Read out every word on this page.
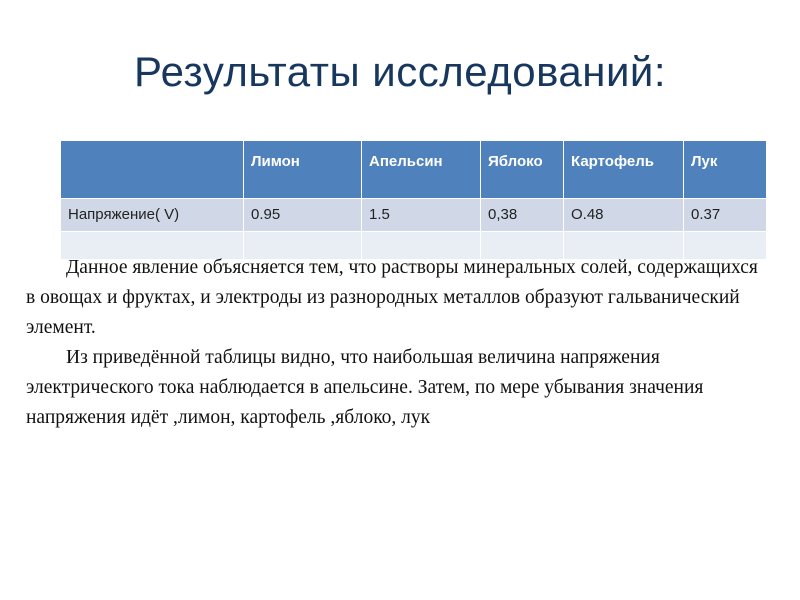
Результаты исследований:
	Лимон	Апельсин	Яблоко	Картофель	Лук
Напряжение( V)	0.95	1.5	0,38	О.48	0.37

Данное явление объясняется тем, что растворы минеральных солей, содержащихся в овощах и фруктах, и электроды из разнородных металлов образуют гальванический элемент.

Из приведённой таблицы видно, что наибольшая величина напряжения электрического тока наблюдается в апельсине. Затем, по мере убывания значения напряжения идёт ,лимон, картофель ,яблоко, лук
